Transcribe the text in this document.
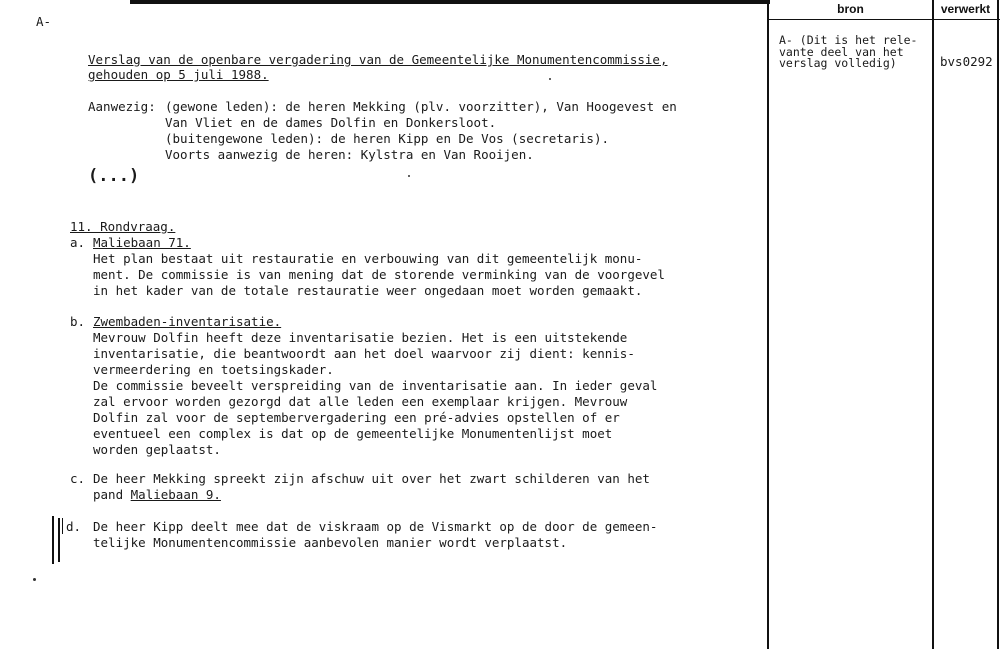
bron	verwerkt
A-
Verslag van de openbare vergadering van de Gemeentelijke Monumentencommissie,
gehouden op 5 juli 1988.
Aanwezig: (gewone leden): de heren Mekking (plv. voorzitter), Van Hoogevest en
Van Vliet en de dames Dolfin en Donkersloot.
(buitengewone leden): de heren Kipp en De Vos (secretaris).
Voorts aanwezig de heren: Kylstra en Van Rooijen.
(...)
11. Rondvraag.
a. Maliebaan 71.
Het plan bestaat uit restauratie en verbouwing van dit gemeentelijk monu-
ment. De commissie is van mening dat de storende verminking van de voorgevel
in het kader van de totale restauratie weer ongedaan moet worden gemaakt.
b. Zwembaden-inventarisatie.
Mevrouw Dolfin heeft deze inventarisatie bezien. Het is een uitstekende
inventarisatie, die beantwoordt aan het doel waarvoor zij dient: kennis-
vermeerdering en toetsingskader.
De commissie beveelt verspreiding van de inventarisatie aan. In ieder geval
zal ervoor worden gezorgd dat alle leden een exemplaar krijgen. Mevrouw
Dolfin zal voor de septembervergadering een pré-advies opstellen of er
eventueel een complex is dat op de gemeentelijke Monumentenlijst moet
worden geplaatst.
c. De heer Mekking spreekt zijn afschuw uit over het zwart schilderen van het
pand Maliebaan 9.
d. De heer Kipp deelt mee dat de viskraam op de Vismarkt op de door de gemeen-
telijke Monumentencommissie aanbevolen manier wordt verplaatst.
A- (Dit is het rele-
vante deel van het
verslag volledig)	bvs0292
